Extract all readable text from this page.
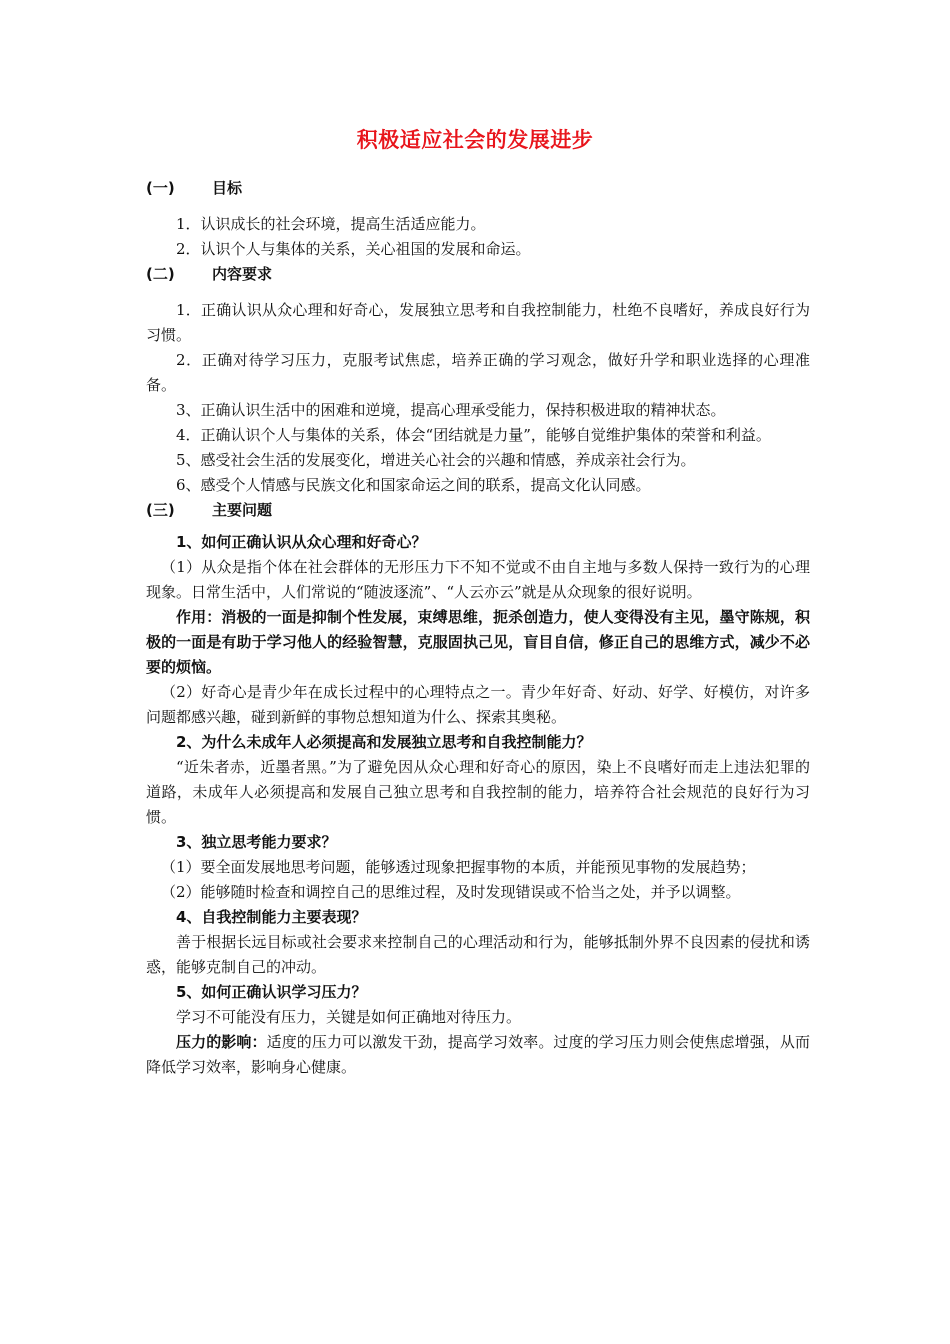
积极适应社会的发展进步
(一)	目标

1．认识成长的社会环境，提高生活适应能力。

2．认识个人与集体的关系，关心祖国的发展和命运。

(二)	内容要求

1．正确认识从众心理和好奇心，发展独立思考和自我控制能力，杜绝不良嗜好，养成良好行为习惯。

2．正确对待学习压力，克服考试焦虑，培养正确的学习观念，做好升学和职业选择的心理准备。

3、正确认识生活中的困难和逆境，提高心理承受能力，保持积极进取的精神状态。

4．正确认识个人与集体的关系，体会“团结就是力量”，能够自觉维护集体的荣誉和利益。

5、感受社会生活的发展变化，增进关心社会的兴趣和情感，养成亲社会行为。

6、感受个人情感与民族文化和国家命运之间的联系，提高文化认同感。

(三)	主要问题

1、如何正确认识从众心理和好奇心？

（1）从众是指个体在社会群体的无形压力下不知不觉或不由自主地与多数人保持一致行为的心理现象。日常生活中，人们常说的“随波逐流”、“人云亦云”就是从众现象的很好说明。

作用：消极的一面是抑制个性发展，束缚思维，扼杀创造力，使人变得没有主见，墨守陈规，积极的一面是有助于学习他人的经验智慧，克服固执己见，盲目自信，修正自己的思维方式，减少不必要的烦恼。

（2）好奇心是青少年在成长过程中的心理特点之一。青少年好奇、好动、好学、好模仿，对许多问题都感兴趣，碰到新鲜的事物总想知道为什么、探索其奥秘。

2、为什么未成年人必须提高和发展独立思考和自我控制能力？

“近朱者赤，近墨者黑。”为了避免因从众心理和好奇心的原因，染上不良嗜好而走上违法犯罪的道路，未成年人必须提高和发展自己独立思考和自我控制的能力，培养符合社会规范的良好行为习惯。

3、独立思考能力要求？

（1）要全面发展地思考问题，能够透过现象把握事物的本质，并能预见事物的发展趋势；

（2）能够随时检查和调控自己的思维过程，及时发现错误或不恰当之处，并予以调整。

4、自我控制能力主要表现？

善于根据长远目标或社会要求来控制自己的心理活动和行为，能够抵制外界不良因素的侵扰和诱惑，能够克制自己的冲动。

5、如何正确认识学习压力？

学习不可能没有压力，关键是如何正确地对待压力。

压力的影响：适度的压力可以激发干劲，提高学习效率。过度的学习压力则会使焦虑增强，从而降低学习效率，影响身心健康。
